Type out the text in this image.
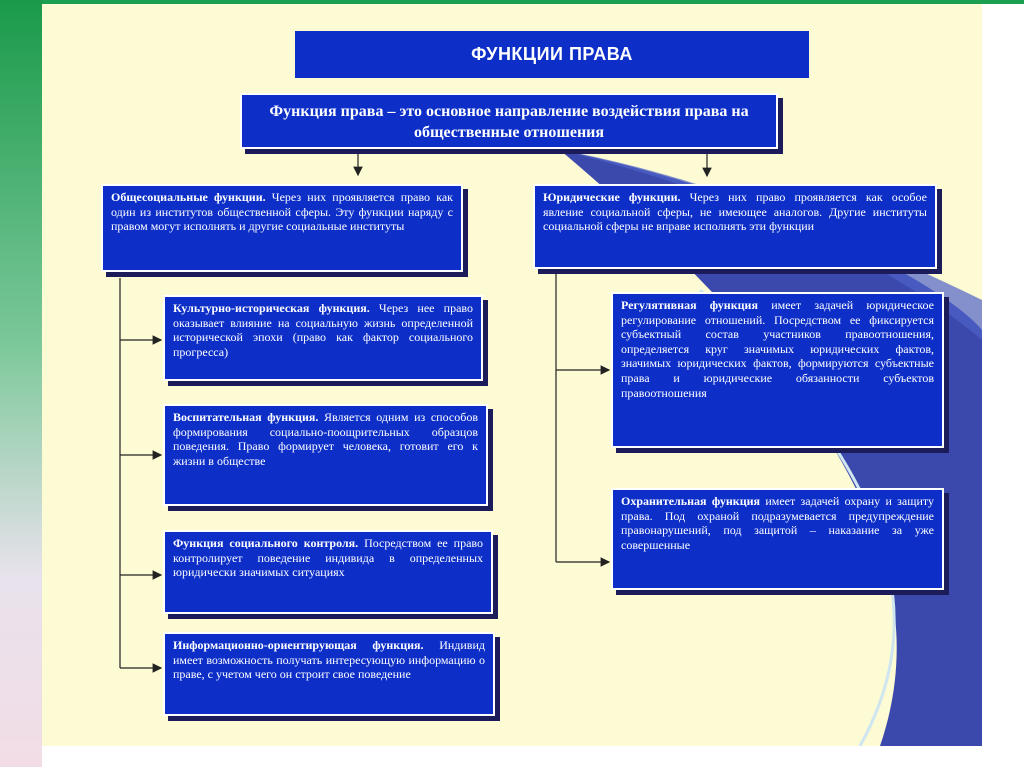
ФУНКЦИИ ПРАВА
Функция права – это основное направление воздействия права на общественные отношения
Общесоциальные функции. Через них проявляется право как один из институтов общественной сферы. Эту функции наряду с правом могут исполнять и другие социальные институты
Юридические функции. Через них право проявляется как особое явление социальной сферы, не имеющее аналогов. Другие институты социальной сферы не вправе исполнять эти функции
Культурно-историческая функция. Через нее право оказывает влияние на социальную жизнь определенной исторической эпохи (право как фактор социального прогресса)
Воспитательная функция. Является одним из способов формирования социально-поощрительных образцов поведения. Право формирует человека, готовит его к жизни в обществе
Функция социального контроля. Посредством ее право контролирует поведение индивида в определенных юридически значимых ситуациях
Информационно-ориентирующая функция. Индивид имеет возможность получать интересующую информацию о праве, с учетом чего он строит свое поведение
Регулятивная функция имеет задачей юридическое регулирование отношений. Посредством ее фиксируется субъектный состав участников правоотношения, определяется круг значимых юридических фактов, значимых юридических фактов, формируются субъектные права и юридические обязанности субъектов правоотношения
Охранительная функция имеет задачей охрану и защиту права. Под охраной подразумевается предупреждение правонарушений, под защитой – наказание за уже совершенные
